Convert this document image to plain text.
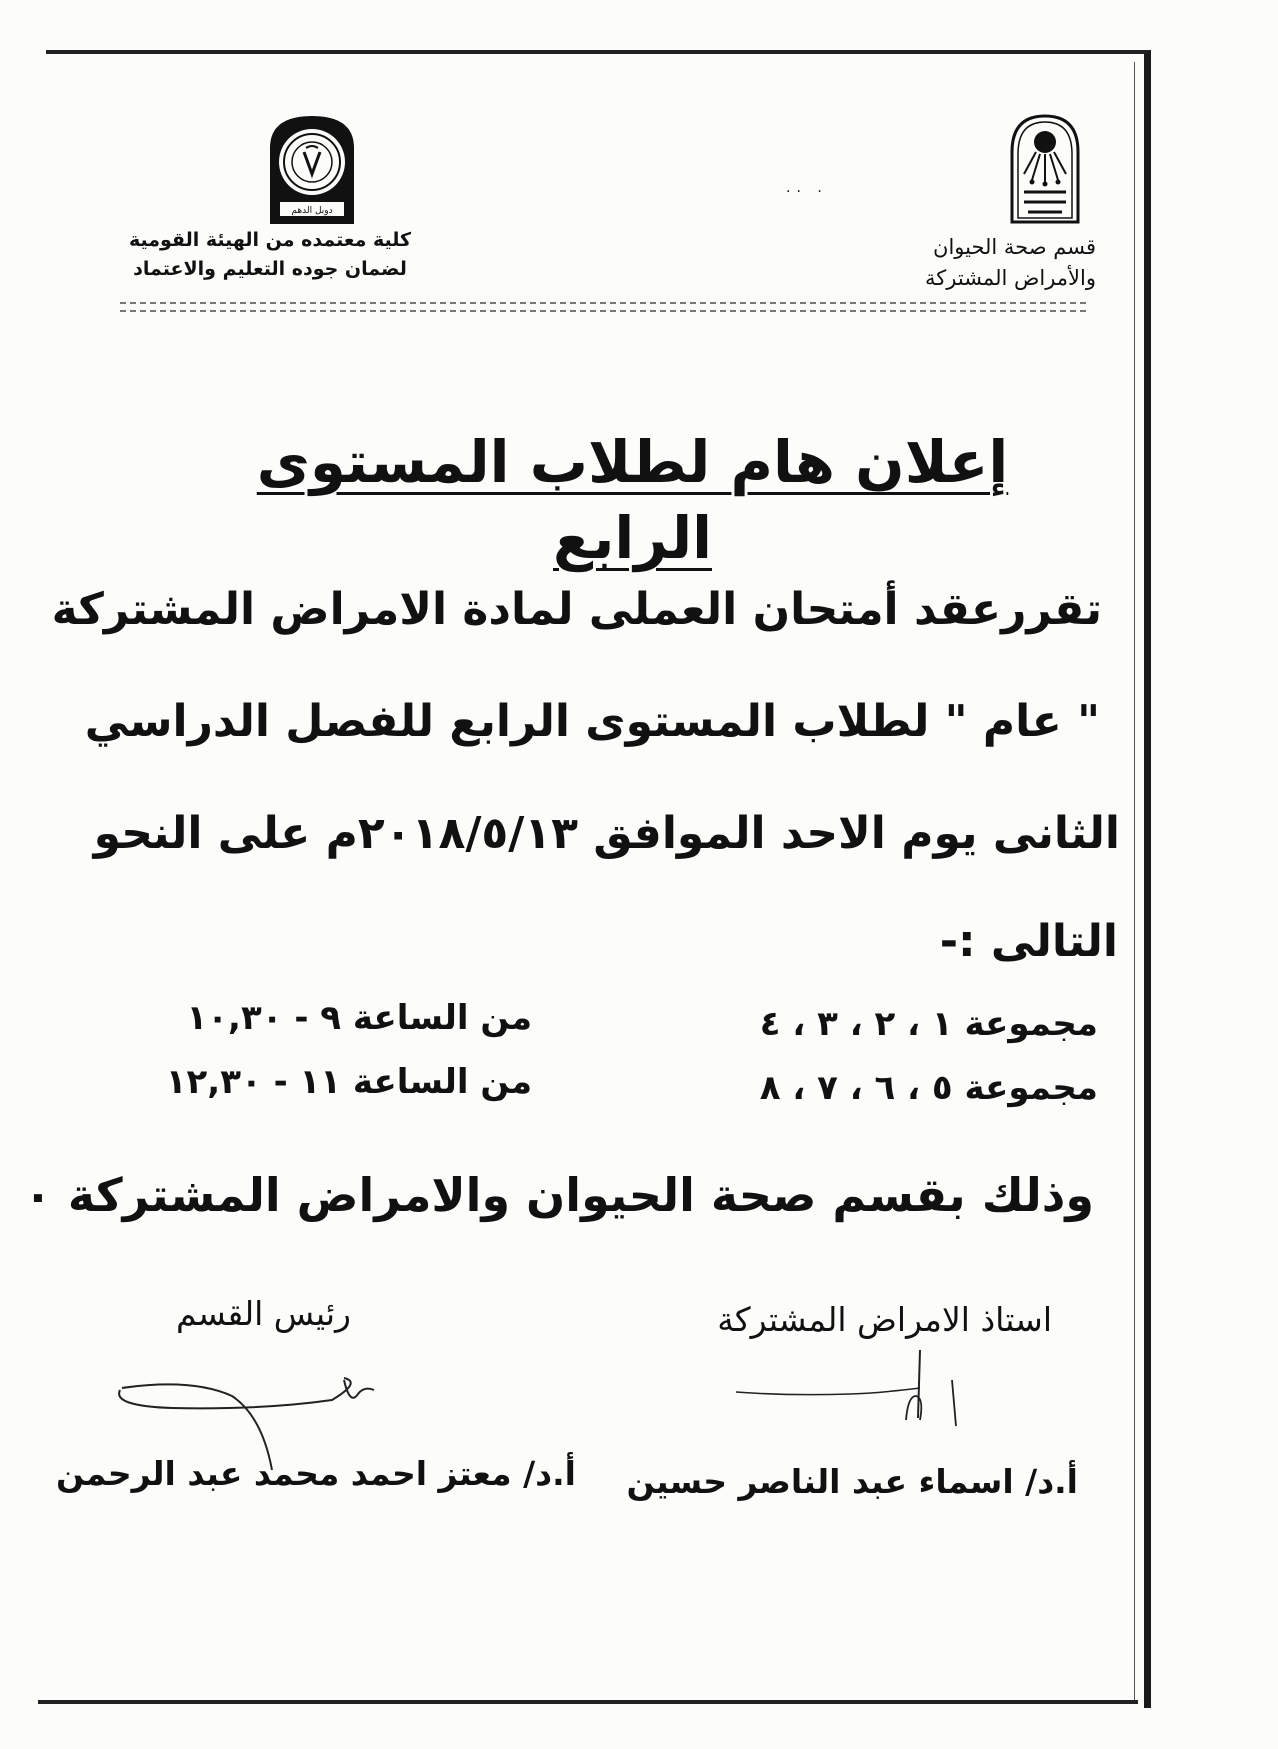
·· ·
قسم صحة الحيوان
والأمراض المشتركة
دوبل الدهم
كلية معتمده من الهيئة القومية
لضمان جوده التعليم والاعتماد
إعلان هام لطلاب المستوى الرابع
تقررعقد أمتحان العملى لمادة الامراض المشتركة
" عام " لطلاب المستوى الرابع للفصل الدراسي
الثانى يوم الاحد الموافق ٢٠١٨/٥/١٣م على النحو
التالى :-
مجموعة ١ ، ٢ ، ٣ ، ٤
من الساعة ٩ - ١٠,٣٠
مجموعة ٥ ، ٦ ، ٧ ، ٨
من الساعة ١١ - ١٢,٣٠
وذلك بقسم صحة الحيوان والامراض المشتركة ٠
استاذ الامراض المشتركة
رئيس القسم
أ.د/ اسماء عبد الناصر حسين
أ.د/ معتز احمد محمد عبد الرحمن
